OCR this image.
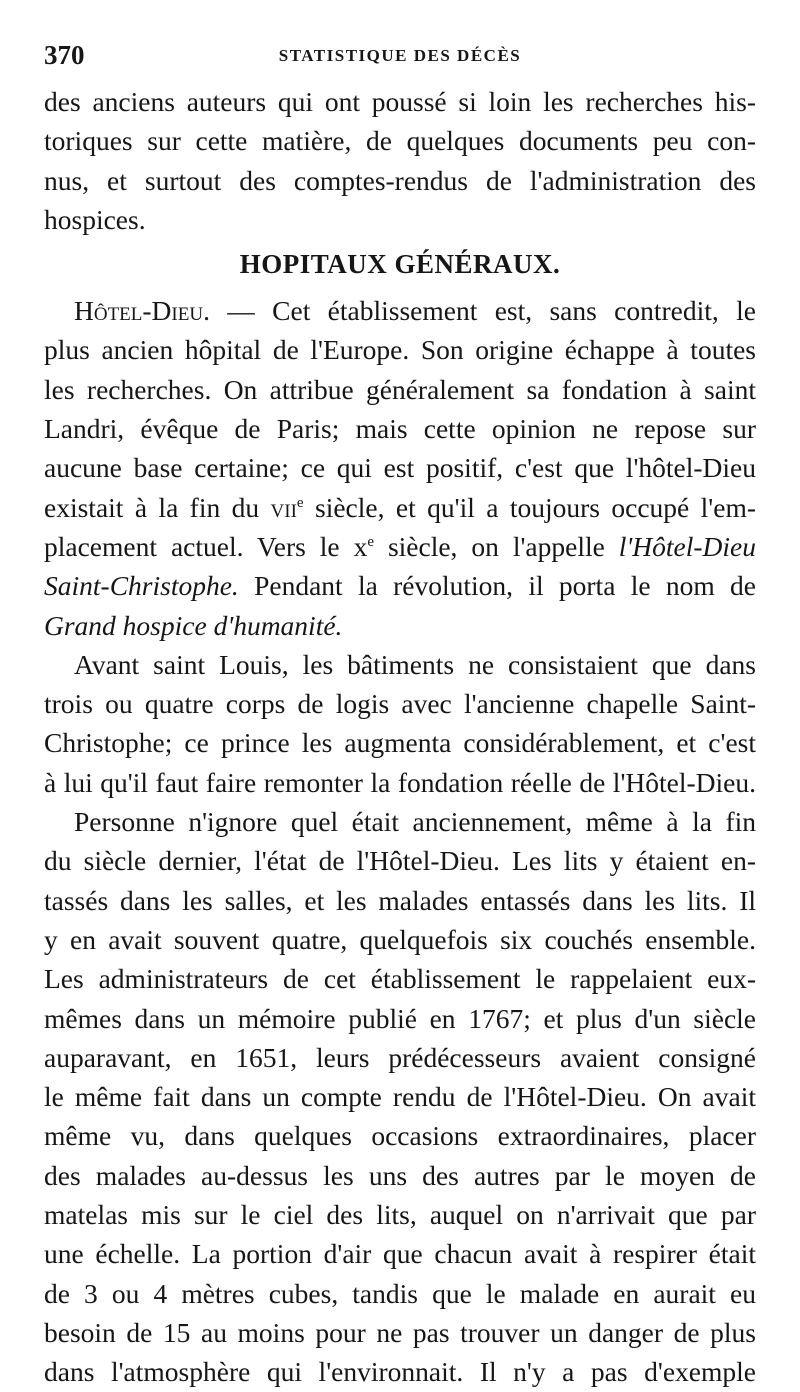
370	STATISTIQUE DES DÉCÈS
des anciens auteurs qui ont poussé si loin les recherches his-
toriques sur cette matière, de quelques documents peu con-
nus, et surtout des comptes-rendus de l'administration des
hospices.
HOPITAUX GÉNÉRAUX.
Hôtel-Dieu. — Cet établissement est, sans contredit, le
plus ancien hôpital de l'Europe. Son origine échappe à toutes
les recherches. On attribue généralement sa fondation à saint
Landri, évêque de Paris; mais cette opinion ne repose sur
aucune base certaine; ce qui est positif, c'est que l'hôtel-Dieu
existait à la fin du vii$^e$ siècle, et qu'il a toujours occupé l'em-
placement actuel. Vers le $x^e$ siècle, on l'appelle l'Hôtel-Dieu
Saint-Christophe. Pendant la révolution, il porta le nom de
Grand hospice d'humanité.
Avant saint Louis, les bâtiments ne consistaient que dans
trois ou quatre corps de logis avec l'ancienne chapelle Saint-
Christophe; ce prince les augmenta considérablement, et c'est
à lui qu'il faut faire remonter la fondation réelle de l'Hôtel-Dieu.
Personne n'ignore quel était anciennement, même à la fin
du siècle dernier, l'état de l'Hôtel-Dieu. Les lits y étaient en-
tassés dans les salles, et les malades entassés dans les lits. Il
y en avait souvent quatre, quelquefois six couchés ensemble.
Les administrateurs de cet établissement le rappelaient eux-
mêmes dans un mémoire publié en 1767; et plus d'un siècle
auparavant, en 1651, leurs prédécesseurs avaient consigné
le même fait dans un compte rendu de l'Hôtel-Dieu. On avait
même vu, dans quelques occasions extraordinaires, placer
des malades au-dessus les uns des autres par le moyen de
matelas mis sur le ciel des lits, auquel on n'arrivait que par
une échelle. La portion d'air que chacun avait à respirer était
de 3 ou 4 mètres cubes, tandis que le malade en aurait eu
besoin de 15 au moins pour ne pas trouver un danger de plus
dans l'atmosphère qui l'environnait. Il n'y a pas d'exemple
